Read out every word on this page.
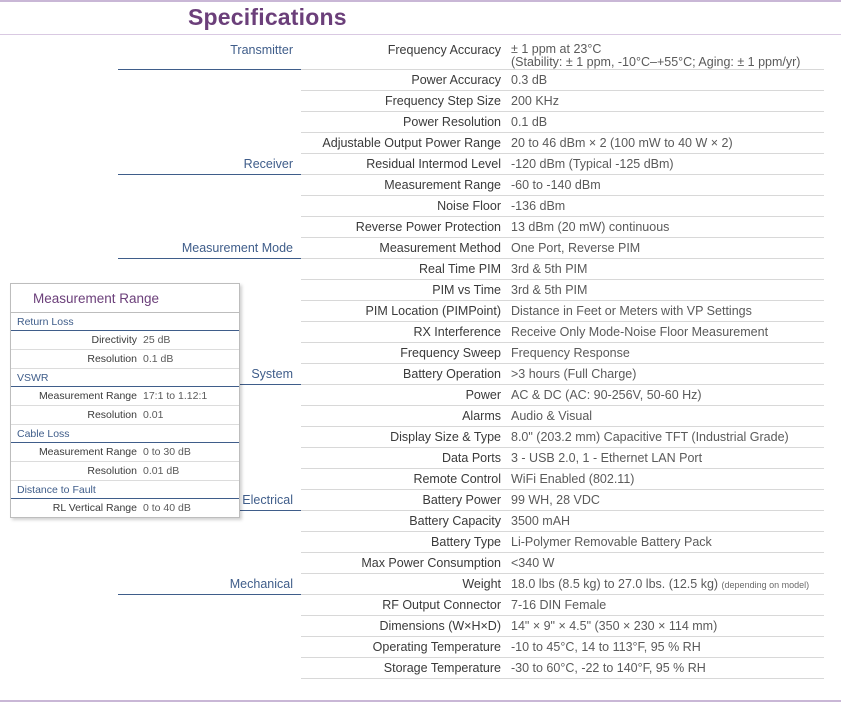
Specifications
Transmitter	Frequency Accuracy	± 1 ppm at 23°C
(Stability: ± 1 ppm, -10°C–+55°C; Aging: ± 1 ppm/yr)

	Power Accuracy	0.3 dB
	Frequency Step Size	200 KHz
	Power Resolution	0.1 dB
	Adjustable Output Power Range	20 to 46 dBm × 2 (100 mW to 40 W × 2)
Receiver	Residual Intermod Level	-120 dBm (Typical -125 dBm)
	Measurement Range	-60 to -140 dBm
	Noise Floor	-136 dBm
	Reverse Power Protection	13 dBm (20 mW) continuous
Measurement Mode	Measurement Method	One Port, Reverse PIM
	Real Time PIM	3rd & 5th PIM
	PIM vs Time	3rd & 5th PIM
	PIM Location (PIMPoint)	Distance in Feet or Meters with VP Settings
	RX Interference	Receive Only Mode-Noise Floor Measurement
	Frequency Sweep	Frequency Response
System	Battery Operation	>3 hours (Full Charge)
	Power	AC & DC (AC: 90-256V, 50-60 Hz)
	Alarms	Audio & Visual
	Display Size & Type	8.0" (203.2 mm) Capacitive TFT (Industrial Grade)
	Data Ports	3 - USB 2.0, 1 - Ethernet LAN Port
	Remote Control	WiFi Enabled (802.11)
Electrical	Battery Power	99 WH, 28 VDC
	Battery Capacity	3500 mAH
	Battery Type	Li-Polymer Removable Battery Pack
	Max Power Consumption	<340 W
Mechanical	Weight	18.0 lbs (8.5 kg) to 27.0 lbs. (12.5 kg) (depending on model)
	RF Output Connector	7-16 DIN Female
	Dimensions (W×H×D)	14" × 9" × 4.5" (350 × 230 × 114 mm)
	Operating Temperature	-10 to 45°C, 14 to 113°F, 95 % RH
	Storage Temperature	-30 to 60°C, -22 to 140°F, 95 % RH
Measurement Range
Return Loss
Directivity 25 dB
Resolution 0.1 dB
VSWR
Measurement Range 17:1 to 1.12:1
Resolution 0.01
Cable Loss
Measurement Range 0 to 30 dB
Resolution 0.01 dB
Distance to Fault
RL Vertical Range 0 to 40 dB
